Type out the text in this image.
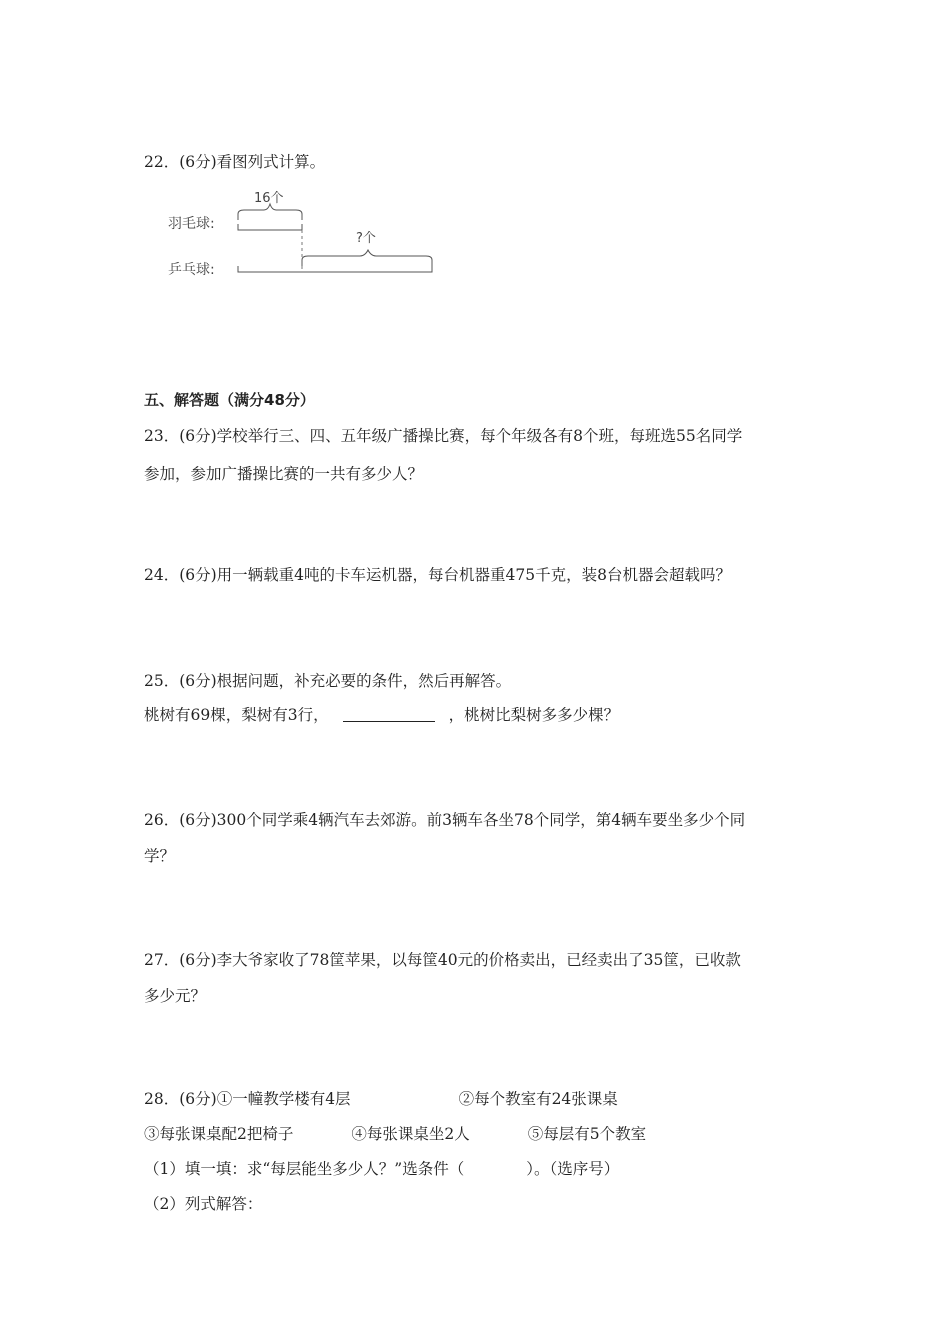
22．(6分)看图列式计算。
羽毛球:
乒乓球:
16个
?个
五、解答题（满分48分）
23．(6分)学校举行三、四、五年级广播操比赛，每个年级各有8个班，每班选55名同学
参加，参加广播操比赛的一共有多少人？
24．(6分)用一辆载重4吨的卡车运机器，每台机器重475千克，装8台机器会超载吗？
25．(6分)根据问题，补充必要的条件，然后再解答。
桃树有69棵，梨树有3行，	，桃树比梨树多多少棵？
26．(6分)300个同学乘4辆汽车去郊游。前3辆车各坐78个同学，第4辆车要坐多少个同
学？
27．(6分)李大爷家收了78筐苹果，以每筐40元的价格卖出，已经卖出了35筐，已收款
多少元？
28．(6分)①一幢教学楼有4层	②每个教室有24张课桌
③每张课桌配2把椅子	④每张课桌坐2人	⑤每层有5个教室
（1）填一填：求“每层能坐多少人？”选条件（	）。（选序号）
（2）列式解答：
